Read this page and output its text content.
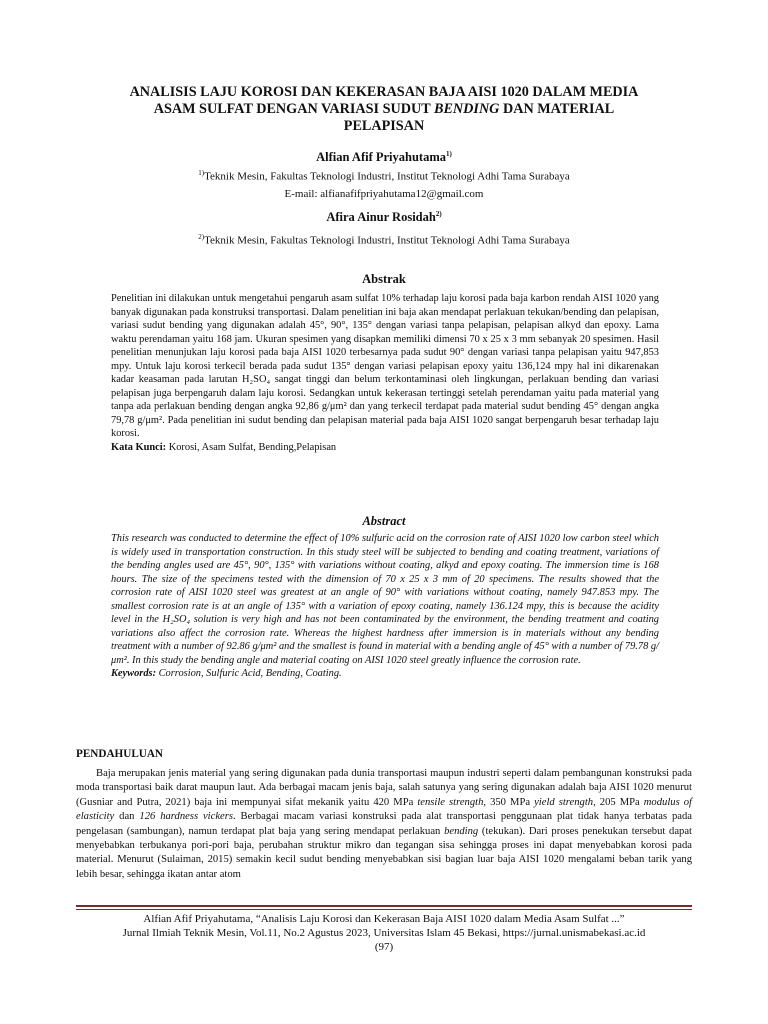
ANALISIS LAJU KOROSI DAN KEKERASAN BAJA AISI 1020 DALAM MEDIA
ASAM SULFAT DENGAN VARIASI SUDUT BENDING DAN MATERIAL
PELAPISAN
Alfian Afif Priyahutama$^{1)}$
$^{1)}$Teknik Mesin, Fakultas Teknologi Industri, Institut Teknologi Adhi Tama Surabaya
E-mail: alfianafifpriyahutama12@gmail.com
Afira Ainur Rosidah$^{2)}$
$^{2)}$Teknik Mesin, Fakultas Teknologi Industri, Institut Teknologi Adhi Tama Surabaya
Abstrak
Penelitian ini dilakukan untuk mengetahui pengaruh asam sulfat 10% terhadap laju korosi pada baja karbon rendah AISI 1020 yang banyak digunakan pada konstruksi transportasi. Dalam penelitian ini baja akan mendapat perlakuan tekukan/bending dan pelapisan, variasi sudut bending yang digunakan adalah 45°, 90°, 135° dengan variasi tanpa pelapisan, pelapisan alkyd dan epoxy. Lama waktu perendaman yaitu 168 jam. Ukuran spesimen yang disapkan memiliki dimensi 70 x 25 x 3 mm sebanyak 20 spesimen. Hasil penelitian menunjukan laju korosi pada baja AISI 1020 terbesarnya pada sudut 90° dengan variasi tanpa pelapisan yaitu 947,853 mpy. Untuk laju korosi terkecil berada pada sudut 135° dengan variasi pelapisan epoxy yaitu 136,124 mpy hal ini dikarenakan kadar keasaman pada larutan H₂SO₄ sangat tinggi dan belum terkontaminasi oleh lingkungan, perlakuan bending dan variasi pelapisan juga berpengaruh dalam laju korosi. Sedangkan untuk kekerasan tertinggi setelah perendaman yaitu pada material yang tanpa ada perlakuan bending dengan angka 92,86 g/μm² dan yang terkecil terdapat pada material sudut bending 45° dengan angka 79,78 g/μm². Pada penelitian ini sudut bending dan pelapisan material pada baja AISI 1020 sangat berpengaruh besar terhadap laju korosi.
Kata Kunci: Korosi, Asam Sulfat, Bending,Pelapisan
Abstract
This research was conducted to determine the effect of 10% sulfuric acid on the corrosion rate of AISI 1020 low carbon steel which is widely used in transportation construction. In this study steel will be subjected to bending and coating treatment, variations of the bending angles used are 45°, 90°, 135° with variations without coating, alkyd and epoxy coating. The immersion time is 168 hours. The size of the specimens tested with the dimension of 70 x 25 x 3 mm of 20 specimens. The results showed that the corrosion rate of AISI 1020 steel was greatest at an angle of 90° with variations without coating, namely 947.853 mpy. The smallest corrosion rate is at an angle of 135° with a variation of epoxy coating, namely 136.124 mpy, this is because the acidity level in the H₂SO₄ solution is very high and has not been contaminated by the environment, the bending treatment and coating variations also affect the corrosion rate. Whereas the highest hardness after immersion is in materials without any bending treatment with a number of 92.86 g/μm² and the smallest is found in material with a bending angle of 45° with a number of 79.78 g/μm². In this study the bending angle and material coating on AISI 1020 steel greatly influence the corrosion rate.
Keywords: Corrosion, Sulfuric Acid, Bending, Coating.
PENDAHULUAN
Baja merupakan jenis material yang sering digunakan pada dunia transportasi maupun industri seperti dalam pembangunan konstruksi pada moda transportasi baik darat maupun laut. Ada berbagai macam jenis baja, salah satunya yang sering digunakan adalah baja AISI 1020 menurut (Gusniar and Putra, 2021) baja ini mempunyai sifat mekanik yaitu 420 MPa tensile strength, 350 MPa yield strength, 205 MPa modulus of elasticity dan 126 hardness vickers. Berbagai macam variasi konstruksi pada alat transportasi penggunaan plat tidak hanya terbatas pada pengelasan (sambungan), namun terdapat plat baja yang sering mendapat perlakuan bending (tekukan). Dari proses penekukan tersebut dapat menyebabkan terbukanya pori-pori baja, perubahan struktur mikro dan tegangan sisa sehingga proses ini dapat menyebabkan korosi pada material. Menurut (Sulaiman, 2015) semakin kecil sudut bending menyebabkan sisi bagian luar baja AISI 1020 mengalami beban tarik yang lebih besar, sehingga ikatan antar atom
Alfian Afif Priyahutama, “Analisis Laju Korosi dan Kekerasan Baja AISI 1020 dalam Media Asam Sulfat ...”
Jurnal Ilmiah Teknik Mesin, Vol.11, No.2 Agustus 2023, Universitas Islam 45 Bekasi, https://jurnal.unismabekasi.ac.id
(97)
